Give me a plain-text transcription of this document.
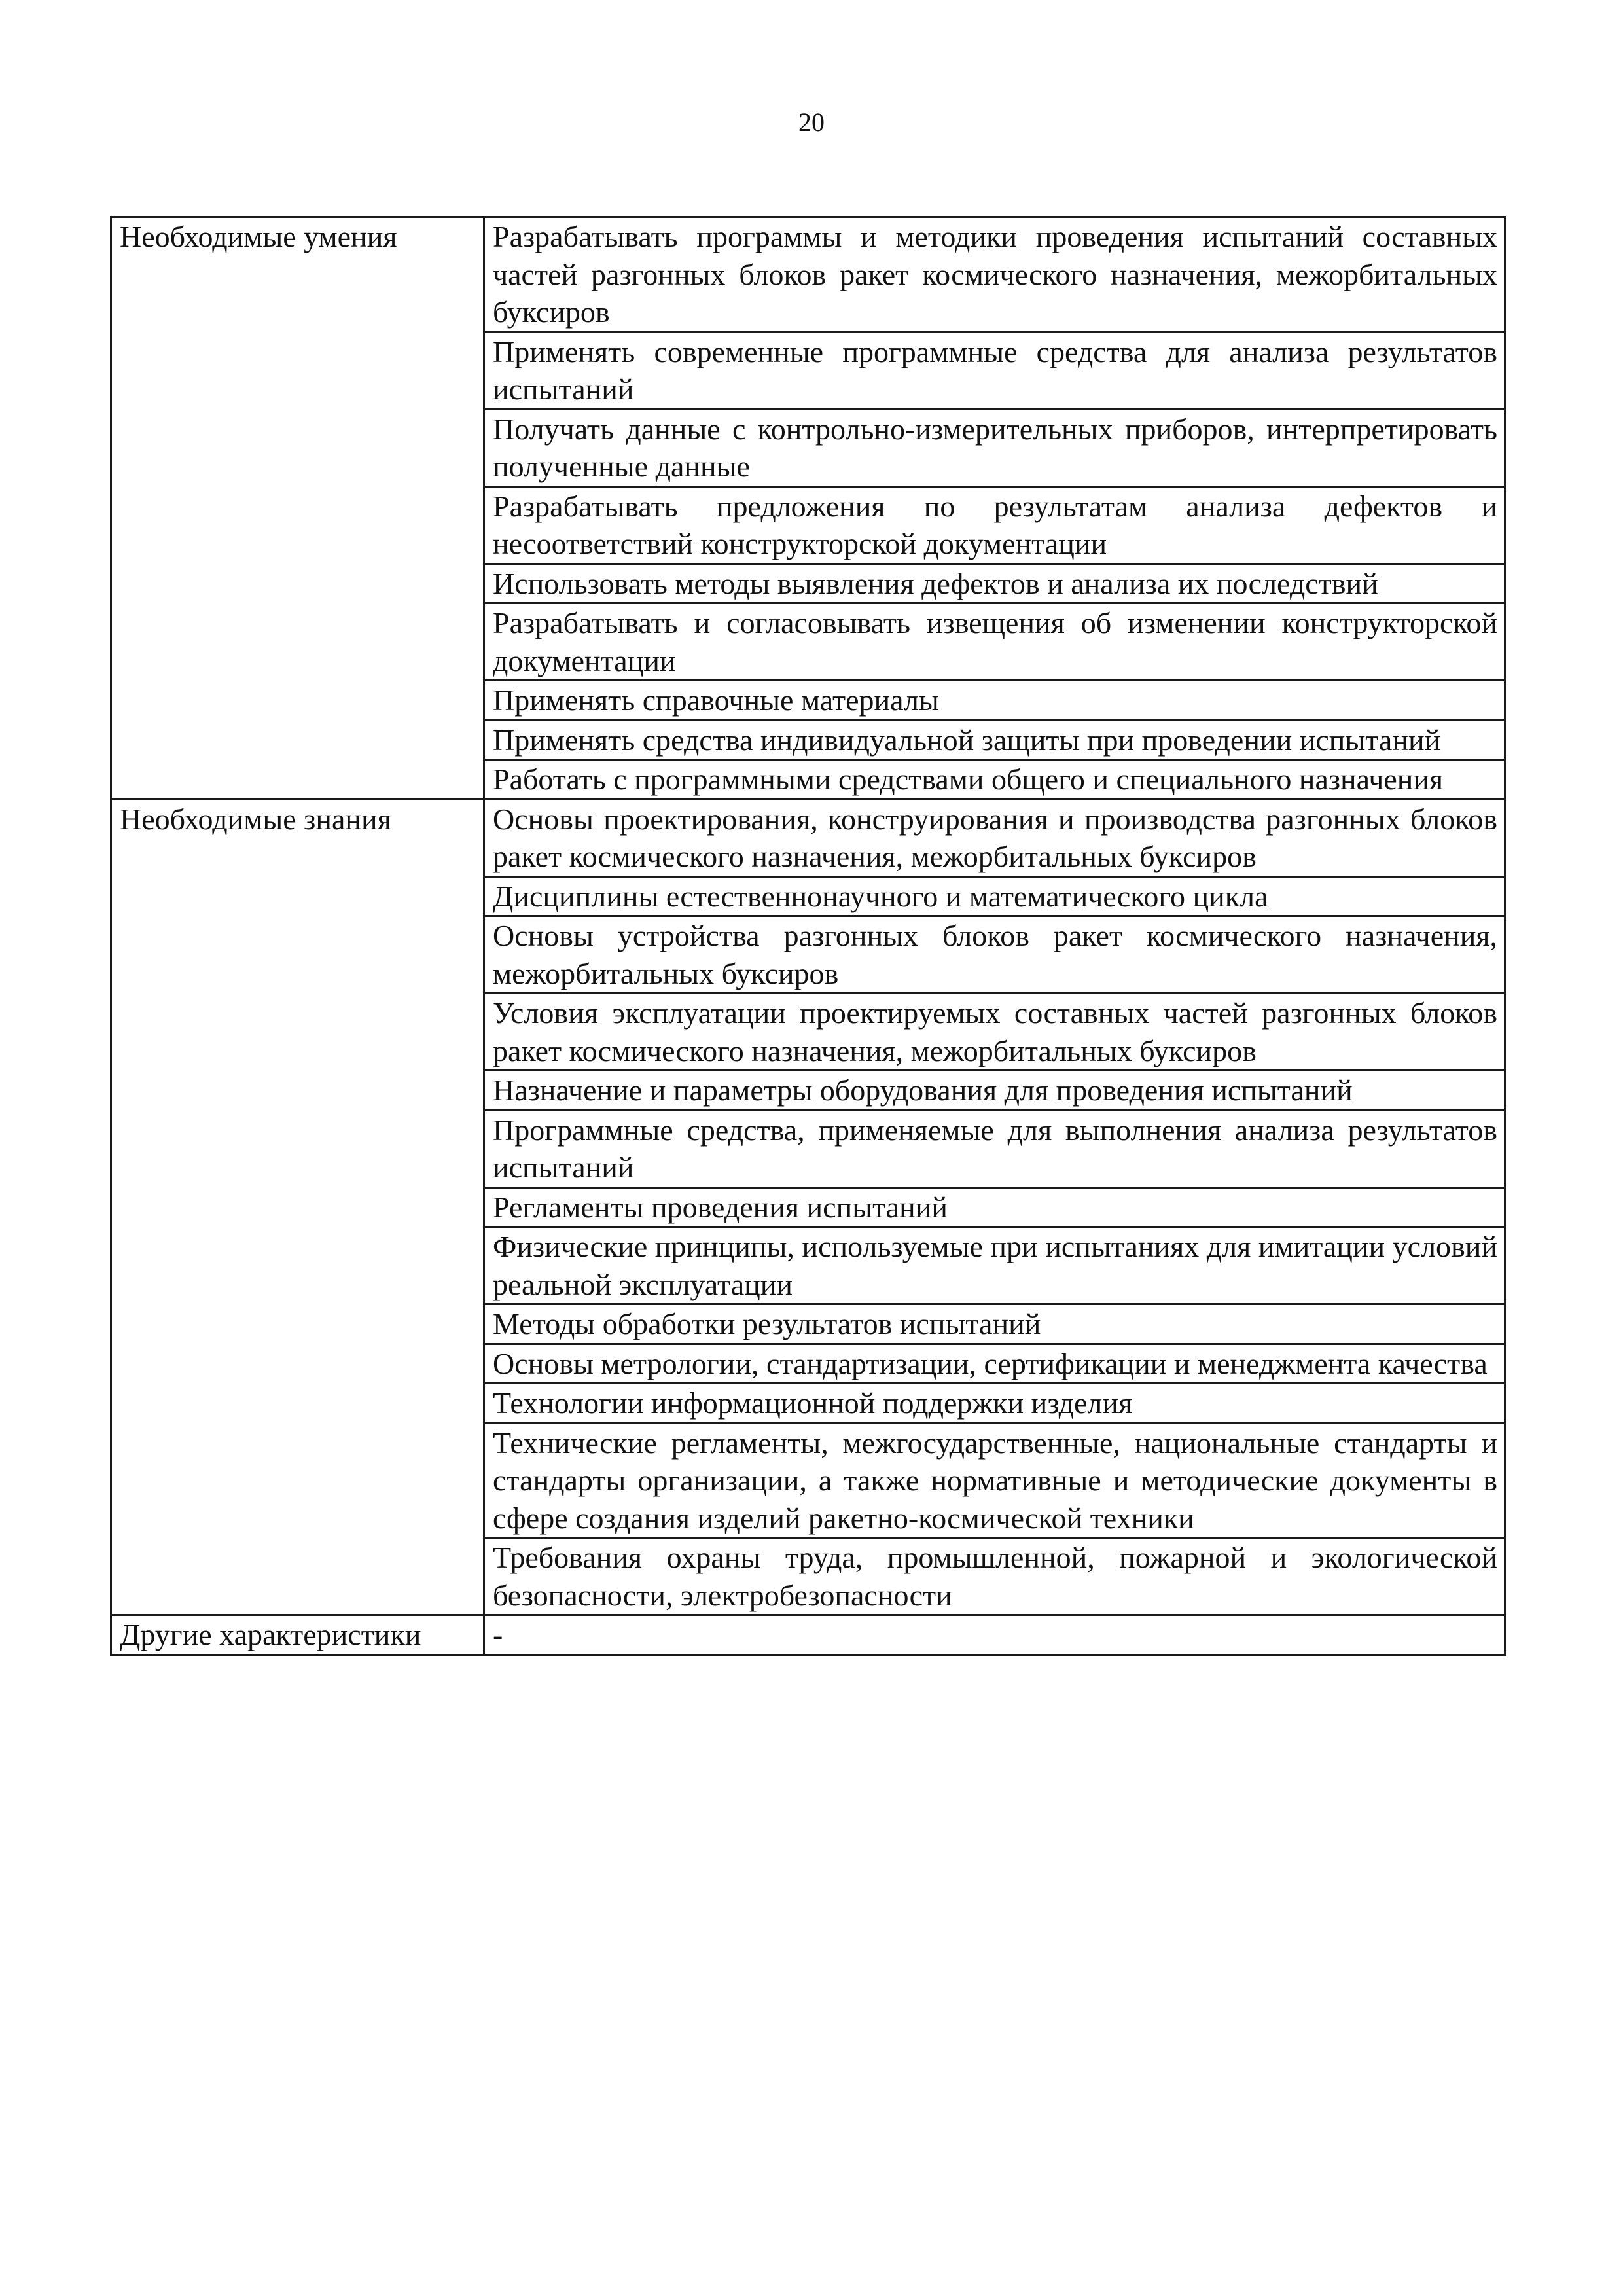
20
Необходимые умения	Разрабатывать программы и методики проведения испытаний составных частей разгонных блоков ракет космического назначения, межорбитальных буксиров
	Применять современные программные средства для анализа результатов испытаний
	Получать данные с контрольно-измерительных приборов, интерпретировать полученные данные
	Разрабатывать предложения по результатам анализа дефектов и несоответствий конструкторской документации
	Использовать методы выявления дефектов и анализа их последствий
	Разрабатывать и согласовывать извещения об изменении конструкторской документации
	Применять справочные материалы
	Применять средства индивидуальной защиты при проведении испытаний
	Работать с программными средствами общего и специального назначения
Необходимые знания	Основы проектирования, конструирования и производства разгонных блоков ракет космического назначения, межорбитальных буксиров
	Дисциплины естественнонаучного и математического цикла
	Основы устройства разгонных блоков ракет космического назначения, межорбитальных буксиров
	Условия эксплуатации проектируемых составных частей разгонных блоков ракет космического назначения, межорбитальных буксиров
	Назначение и параметры оборудования для проведения испытаний
	Программные средства, применяемые для выполнения анализа результатов испытаний
	Регламенты проведения испытаний
	Физические принципы, используемые при испытаниях для имитации условий реальной эксплуатации
	Методы обработки результатов испытаний
	Основы метрологии, стандартизации, сертификации и менеджмента качества
	Технологии информационной поддержки изделия
	Технические регламенты, межгосударственные, национальные стандарты и стандарты организации, а также нормативные и методические документы в сфере создания изделий ракетно-космической техники
	Требования охраны труда, промышленной, пожарной и экологической безопасности, электробезопасности
Другие характеристики	-
